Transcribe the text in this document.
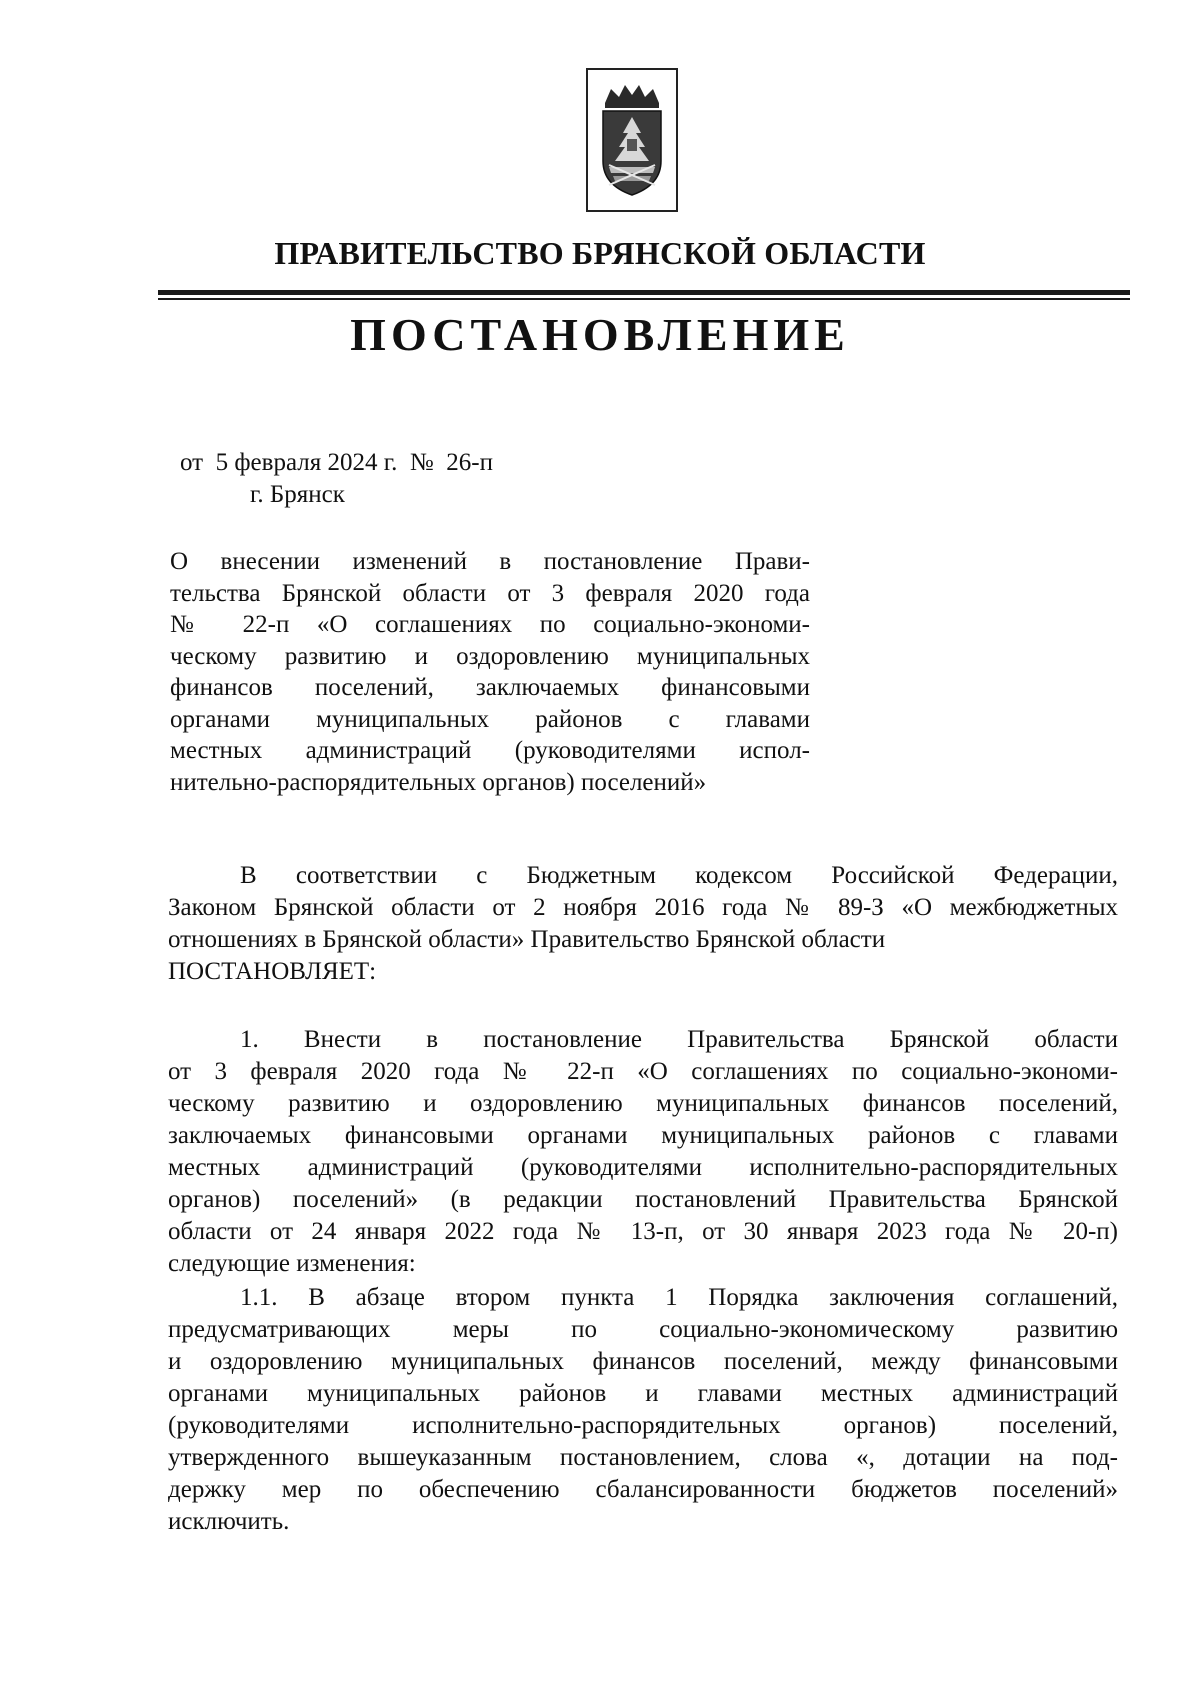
ПРАВИТЕЛЬСТВО БРЯНСКОЙ ОБЛАСТИ
ПОСТАНОВЛЕНИЕ
от  5 февраля 2024 г.  №  26-п
г. Брянск
О внесении изменений в постановление Прави-
тельства Брянской области от 3 февраля 2020 года
№ 22-п «О соглашениях по социально-экономи-
ческому развитию и оздоровлению муниципальных
финансов поселений, заключаемых финансовыми
органами муниципальных районов с главами
местных администраций (руководителями испол-
нительно-распорядительных органов) поселений»
В соответствии с Бюджетным кодексом Российской Федерации,
Законом Брянской области от 2 ноября 2016 года № 89-З «О межбюджетных
отношениях в Брянской области» Правительство Брянской области
ПОСТАНОВЛЯЕТ:
1. Внести в постановление Правительства Брянской области
от 3 февраля 2020 года № 22-п «О соглашениях по социально-экономи-
ческому развитию и оздоровлению муниципальных финансов поселений,
заключаемых финансовыми органами муниципальных районов с главами
местных администраций (руководителями исполнительно-распорядительных
органов) поселений» (в редакции постановлений Правительства Брянской
области от 24 января 2022 года № 13-п, от 30 января 2023 года № 20-п)
следующие изменения:
1.1. В абзаце втором пункта 1 Порядка заключения соглашений,
предусматривающих меры по социально-экономическому развитию
и оздоровлению муниципальных финансов поселений, между финансовыми
органами муниципальных районов и главами местных администраций
(руководителями исполнительно-распорядительных органов) поселений,
утвержденного вышеуказанным постановлением, слова «, дотации на под-
держку мер по обеспечению сбалансированности бюджетов поселений»
исключить.
